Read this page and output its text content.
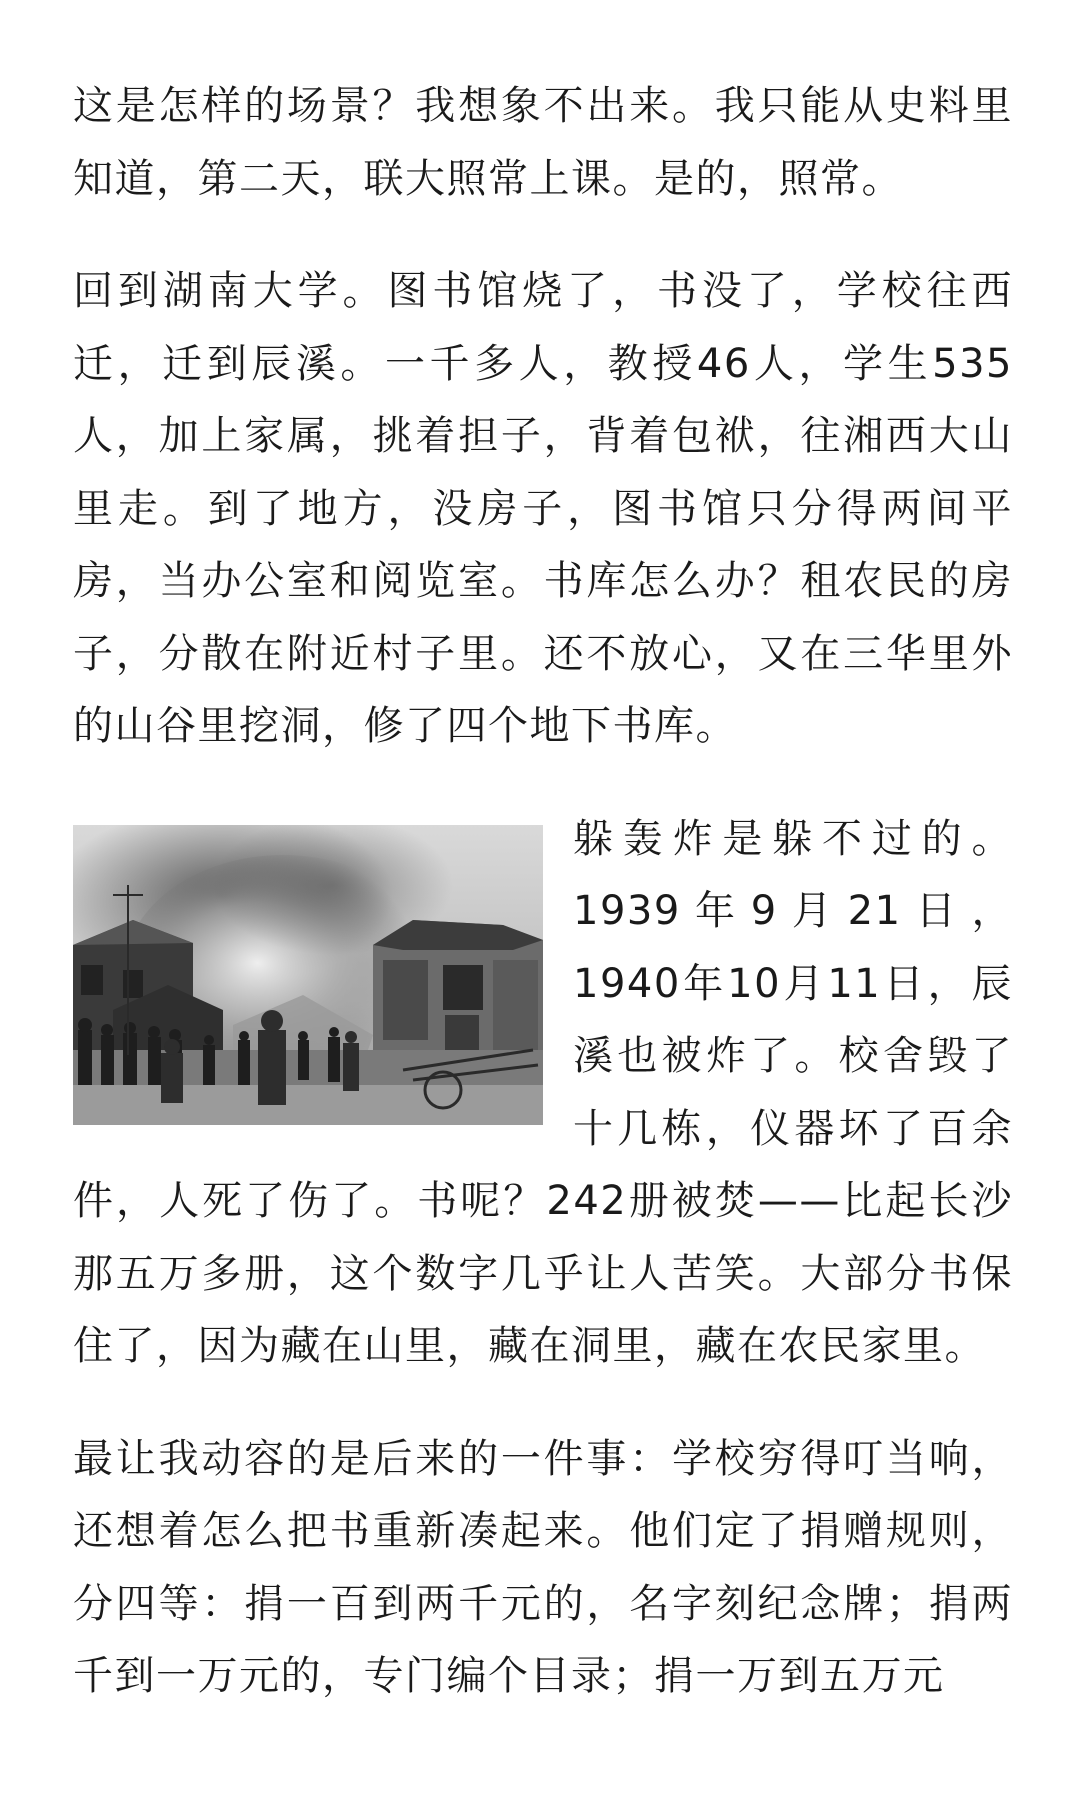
这是怎样的场景？我想象不出来。我只能从史料里知道，第二天，联大照常上课。是的，照常。

回到湖南大学。图书馆烧了，书没了，学校往西迁，迁到辰溪。一千多人，教授46人，学生535人，加上家属，挑着担子，背着包袱，往湘西大山里走。到了地方，没房子，图书馆只分得两间平房，当办公室和阅览室。书库怎么办？租农民的房子，分散在附近村子里。还不放心，又在三华里外的山谷里挖洞，修了四个地下书库。

躲轰炸是躲不过的。1939年9月21日，1940年10月11日，辰溪也被炸了。校舍毁了十几栋，仪器坏了百余件，人死了伤了。书呢？242册被焚——比起长沙那五万多册，这个数字几乎让人苦笑。大部分书保住了，因为藏在山里，藏在洞里，藏在农民家里。

最让我动容的是后来的一件事：学校穷得叮当响，还想着怎么把书重新凑起来。他们定了捐赠规则，分四等：捐一百到两千元的，名字刻纪念牌；捐两千到一万元的，专门编个目录；捐一万到五万元
